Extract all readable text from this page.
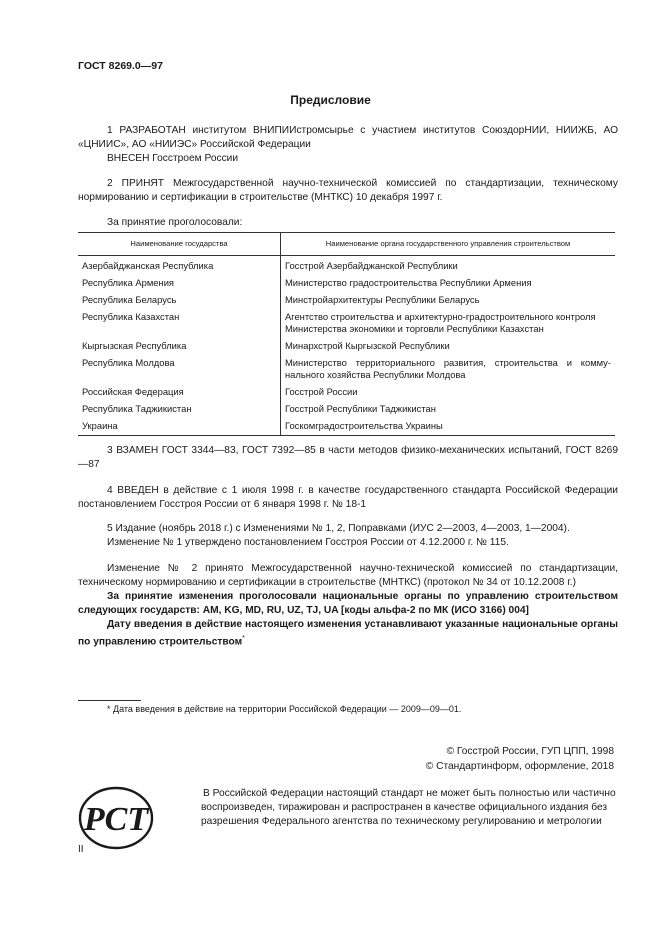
ГОСТ 8269.0—97
Предисловие

1 РАЗРАБОТАН институтом ВНИПИИстромсырье с участием институтов СоюздорНИИ, НИИЖБ, АО «ЦНИИС», АО «НИИЭС» Российской Федерации

ВНЕСЕН Госстроем России

2 ПРИНЯТ Межгосударственной научно-технической комиссией по стандартизации, техническому нормированию и сертификации в строительстве (МНТКС) 10 декабря 1997 г.

За принятие проголосовали:

Наименование государства	Наименование органа государственного управления строительством
Азербайджанская Республика	Госстрой Азербайджанской Республики
Республика Армения	Министерство градостроительства Республики Армения
Республика Беларусь	Минстройархитектуры Республики Беларусь
Республика Казахстан	Агентство строительства и архитектурно-градостроительного контроля Министерства экономики и торговли Республики Казахстан
Кыргызская Республика	Минархстрой Кыргызской Республики
Республика Молдова	Министерство территориального развития, строительства и комму-нального хозяйства Республики Молдова
Российская Федерация	Госстрой России
Республика Таджикистан	Госстрой Республики Таджикистан
Украина	Госкомградостроительства Украины

3 ВЗАМЕН ГОСТ 3344—83, ГОСТ 7392—85 в части методов физико-механических испытаний, ГОСТ 8269—87

4 ВВЕДЕН в действие с 1 июля 1998 г. в качестве государственного стандарта Российской Федерации постановлением Госстроя России от 6 января 1998 г. № 18-1

5 Издание (ноябрь 2018 г.) с Изменениями № 1, 2, Поправками (ИУС 2—2003, 4—2003, 1—2004).

Изменение № 1 утверждено постановлением Госстроя России от 4.12.2000 г. № 115.

Изменение № 2 принято Межгосударственной научно-технической комиссией по стандартизации, техническому нормированию и сертификации в строительстве (МНТКС) (протокол № 34 от 10.12.2008 г.)

За принятие изменения проголосовали национальные органы по управлению строительством следующих государств: AM, KG, MD, RU, UZ, TJ, UA [коды альфа-2 по МК (ИСО 3166) 004]

Дату введения в действие настоящего изменения устанавливают указанные национальные органы по управлению строительством*

* Дата введения в действие на территории Российской Федерации — 2009—09—01.
© Госстрой России, ГУП ЦПП, 1998
© Стандартинформ, оформление, 2018
РСТ
В Российской Федерации настоящий стандарт не может быть полностью или частично воспроизведен, тиражирован и распространен в качестве официального издания без разрешения Федерального агентства по техническому регулированию и метрологии
II
